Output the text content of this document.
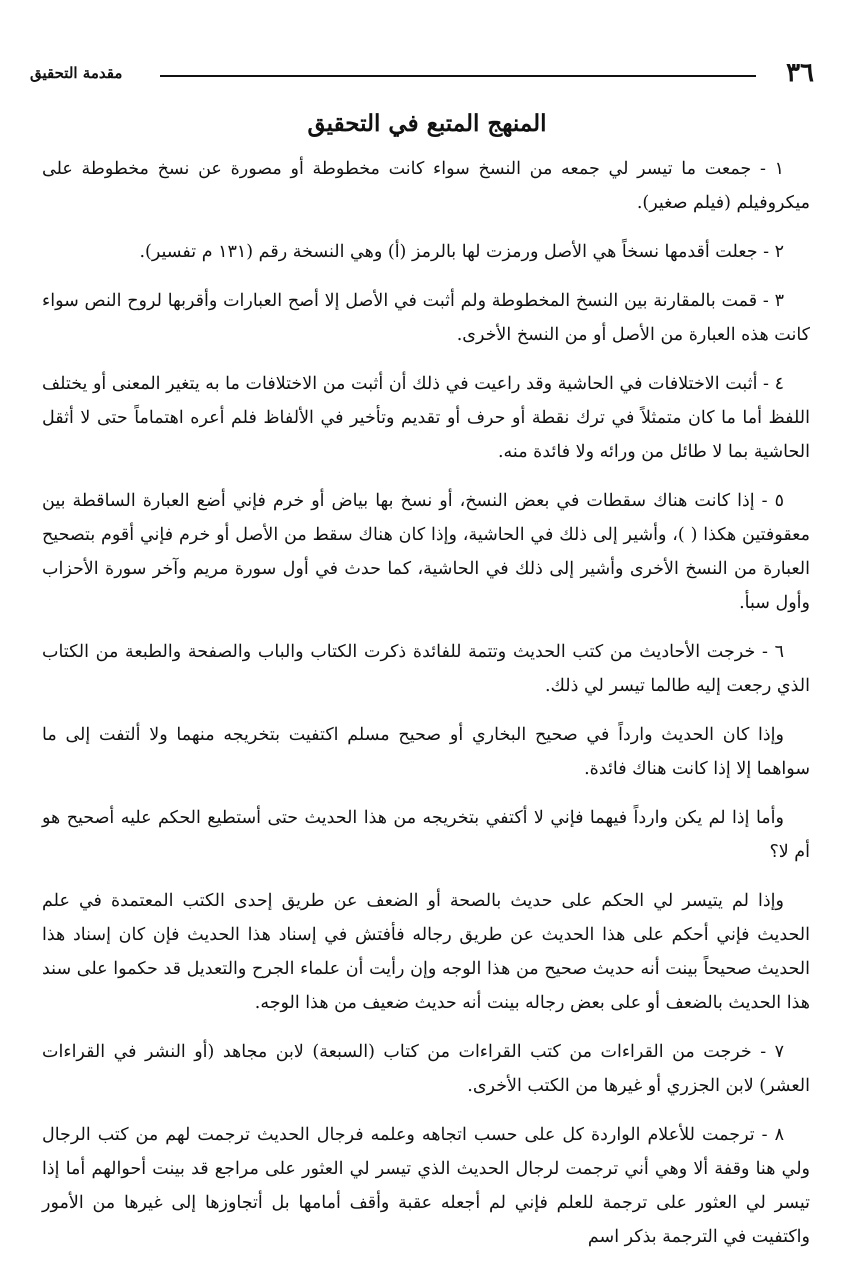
٣٦
مقدمة التحقيق
المنهج المتبع في التحقيق

١ - جمعت ما تيسر لي جمعه من النسخ سواء كانت مخطوطة أو مصورة عن نسخ مخطوطة على ميكروفيلم (فيلم صغير).

٢ - جعلت أقدمها نسخاً هي الأصل ورمزت لها بالرمز (أ) وهي النسخة رقم (١٣١ م تفسير).

٣ - قمت بالمقارنة بين النسخ المخطوطة ولم أثبت في الأصل إلا أصح العبارات وأقربها لروح النص سواء كانت هذه العبارة من الأصل أو من النسخ الأخرى.

٤ - أثبت الاختلافات في الحاشية وقد راعيت في ذلك أن أثبت من الاختلافات ما به يتغير المعنى أو يختلف اللفظ أما ما كان متمثلاً في ترك نقطة أو حرف أو تقديم وتأخير في الألفاظ فلم أعره اهتماماً حتى لا أثقل الحاشية بما لا طائل من ورائه ولا فائدة منه.

٥ - إذا كانت هناك سقطات في بعض النسخ، أو نسخ بها بياض أو خرم فإني أضع العبارة الساقطة بين معقوفتين هكذا ( )، وأشير إلى ذلك في الحاشية، وإذا كان هناك سقط من الأصل أو خرم فإني أقوم بتصحيح العبارة من النسخ الأخرى وأشير إلى ذلك في الحاشية، كما حدث في أول سورة مريم وآخر سورة الأحزاب وأول سبأ.

٦ - خرجت الأحاديث من كتب الحديث وتتمة للفائدة ذكرت الكتاب والباب والصفحة والطبعة من الكتاب الذي رجعت إليه طالما تيسر لي ذلك.

وإذا كان الحديث وارداً في صحيح البخاري أو صحيح مسلم اكتفيت بتخريجه منهما ولا ألتفت إلى ما سواهما إلا إذا كانت هناك فائدة.

وأما إذا لم يكن وارداً فيهما فإني لا أكتفي بتخريجه من هذا الحديث حتى أستطيع الحكم عليه أصحيح هو أم لا؟

وإذا لم يتيسر لي الحكم على حديث بالصحة أو الضعف عن طريق إحدى الكتب المعتمدة في علم الحديث فإني أحكم على هذا الحديث عن طريق رجاله فأفتش في إسناد هذا الحديث فإن كان إسناد هذا الحديث صحيحاً بينت أنه حديث صحيح من هذا الوجه وإن رأيت أن علماء الجرح والتعديل قد حكموا على سند هذا الحديث بالضعف أو على بعض رجاله بينت أنه حديث ضعيف من هذا الوجه.

٧ - خرجت من القراءات من كتب القراءات من كتاب (السبعة) لابن مجاهد (أو النشر في القراءات العشر) لابن الجزري أو غيرها من الكتب الأخرى.

٨ - ترجمت للأعلام الواردة كل على حسب اتجاهه وعلمه فرجال الحديث ترجمت لهم من كتب الرجال ولي هنا وقفة ألا وهي أني ترجمت لرجال الحديث الذي تيسر لي العثور على مراجع قد بينت أحوالهم أما إذا تيسر لي العثور على ترجمة للعلم فإني لم أجعله عقبة وأقف أمامها بل أتجاوزها إلى غيرها من الأمور واكتفيت في الترجمة بذكر اسم
